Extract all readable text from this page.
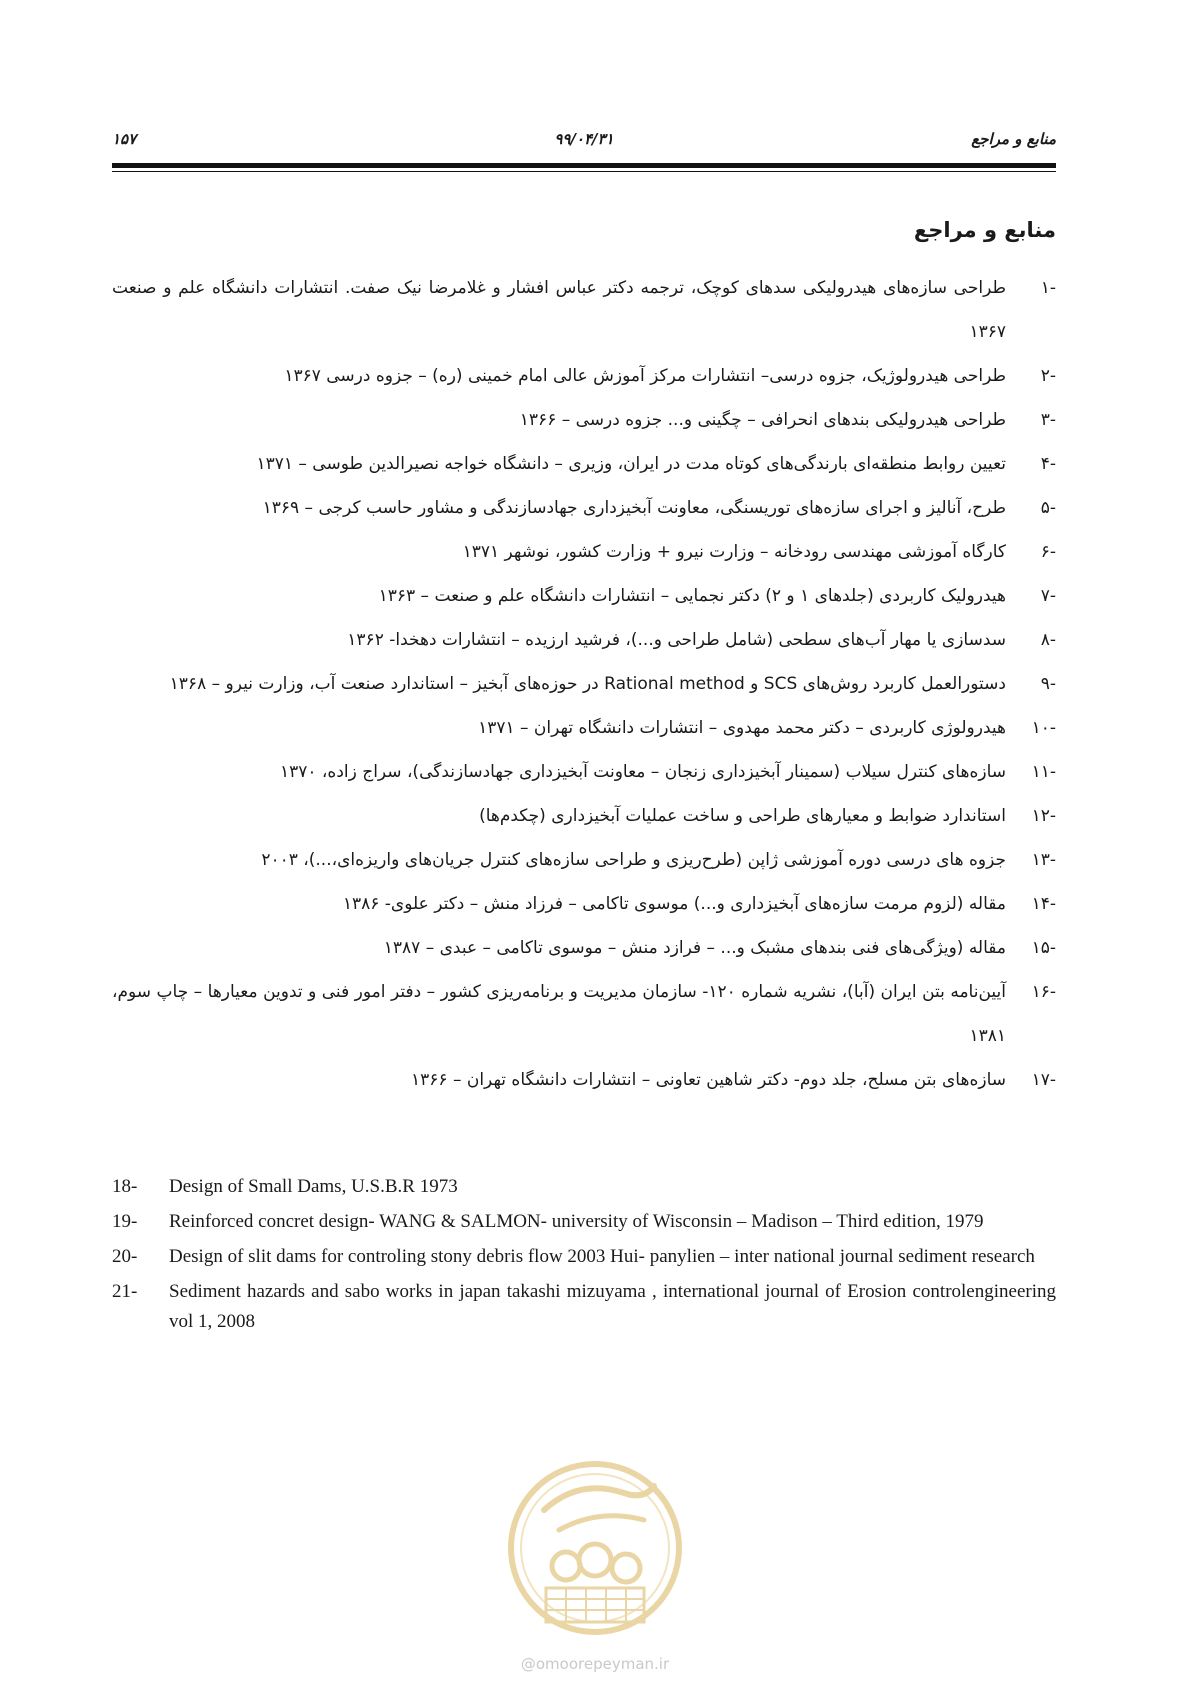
منابع و مراجع
۹۹/۰۴/۳۱
۱۵۷
منابع و مراجع
-۱
طراحی سازه‌های هیدرولیکی سدهای کوچک، ترجمه دکتر عباس افشار و غلامرضا نیک صفت. انتشارات دانشگاه علم و صنعت ۱۳۶۷
-۲
طراحی هیدرولوژیک، جزوه درسی– انتشارات مرکز آموزش عالی امام خمینی (ره) – جزوه درسی ۱۳۶۷
-۳
طراحی هیدرولیکی بندهای انحرافی – چگینی و... جزوه درسی – ۱۳۶۶
-۴
تعیین روابط منطقه‌ای بارندگی‌های کوتاه مدت در ایران، وزیری – دانشگاه خواجه نصیرالدین طوسی – ۱۳۷۱
-۵
طرح، آنالیز و اجرای سازه‌های توریسنگی، معاونت آبخیزداری جهادسازندگی و مشاور حاسب کرجی – ۱۳۶۹
-۶
کارگاه آموزشی مهندسی رودخانه – وزارت نیرو + وزارت کشور، نوشهر ۱۳۷۱
-۷
هیدرولیک کاربردی (جلدهای ۱ و ۲) دکتر نجمایی – انتشارات دانشگاه علم و صنعت – ۱۳۶۳
-۸
سدسازی یا مهار آب‌های سطحی (شامل طراحی و...)، فرشید ارزیده – انتشارات دهخدا- ۱۳۶۲
-۹
دستورالعمل کاربرد روش‌های SCS و Rational method در حوزه‌های آبخیز – استاندارد صنعت آب، وزارت نیرو – ۱۳۶۸
-۱۰
هیدرولوژی کاربردی – دکتر محمد مهدوی – انتشارات دانشگاه تهران – ۱۳۷۱
-۱۱
سازه‌های کنترل سیلاب (سمینار آبخیزداری زنجان – معاونت آبخیزداری جهادسازندگی)، سراج زاده، ۱۳۷۰
-۱۲
استاندارد ضوابط و معیارهای طراحی و ساخت عملیات آبخیزداری (چکدم‌ها)
-۱۳
جزوه های درسی دوره آموزشی ژاپن (طرح‌ریزی و طراحی سازه‌های کنترل جریان‌های واریزه‌ای،...)، ۲۰۰۳
-۱۴
مقاله (لزوم مرمت سازه‌های آبخیزداری و...) موسوی تاکامی – فرزاد منش – دکتر علوی- ۱۳۸۶
-۱۵
مقاله (ویژگی‌های فنی بندهای مشبک و... – فرازد منش – موسوی تاکامی – عبدی – ۱۳۸۷
-۱۶
آیین‌نامه بتن ایران (آبا)، نشریه شماره ۱۲۰- سازمان مدیریت و برنامه‌ریزی کشور – دفتر امور فنی و تدوین معیارها – چاپ سوم، ۱۳۸۱
-۱۷
سازه‌های بتن مسلح، جلد دوم- دکتر شاهین تعاونی – انتشارات دانشگاه تهران – ۱۳۶۶
18- Design of Small Dams, U.S.B.R 1973
19- Reinforced concret design- WANG & SALMON- university of Wisconsin – Madison – Third edition, 1979
20- Design of slit dams for controling stony debris flow 2003 Hui- panylien – inter national journal sediment research
21- Sediment hazards and sabo works in japan takashi mizuyama , international journal of Erosion controlengineering vol 1, 2008
@omoorepeyman.ir
